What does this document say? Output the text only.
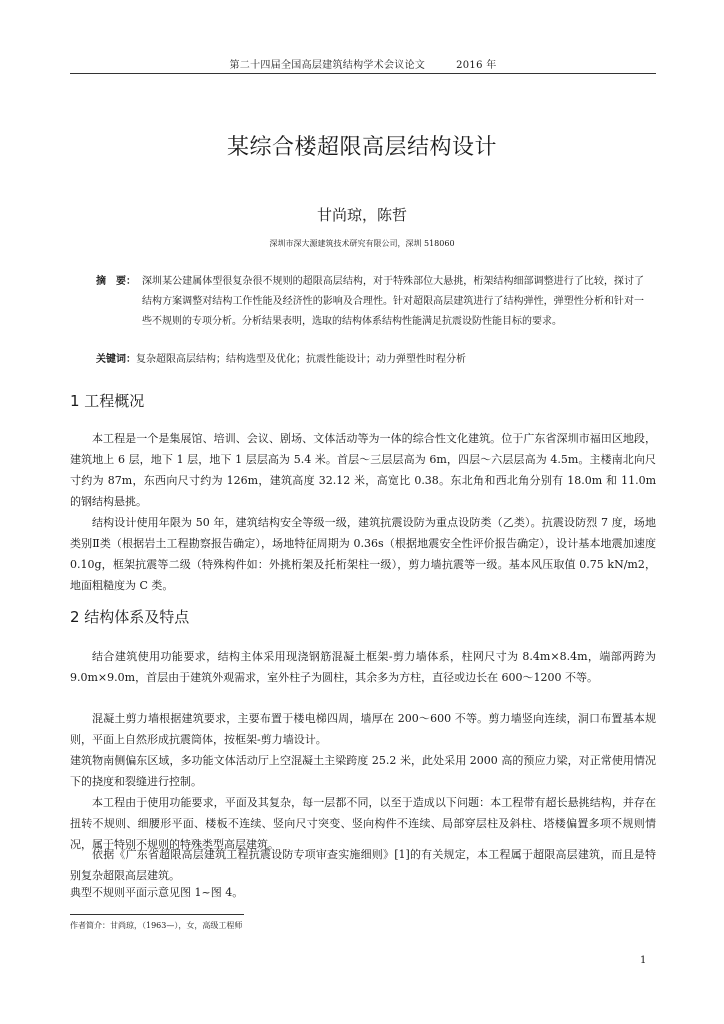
第二十四届全国高层建筑结构学术会议论文　　　2016 年
某综合楼超限高层结构设计
甘尚琼，陈哲
深圳市深大源建筑技术研究有限公司，深圳 518060
摘　要： 深圳某公建属体型很复杂很不规则的超限高层结构，对于特殊部位大悬挑，桁架结构细部调整进行了比较，探讨了结构方案调整对结构工作性能及经济性的影响及合理性。针对超限高层建筑进行了结构弹性，弹塑性分析和针对一些不规则的专项分析。分析结果表明，选取的结构体系结构性能满足抗震设防性能目标的要求。
关键词：复杂超限高层结构；结构选型及优化；抗震性能设计；动力弹塑性时程分析
1 工程概况

本工程是一个是集展馆、培训、会议、剧场、文体活动等为一体的综合性文化建筑。位于广东省深圳市福田区地段，建筑地上 6 层，地下 1 层，地下 1 层层高为 5.4 米。首层～三层层高为 6m，四层～六层层高为 4.5m。主楼南北向尺寸约为 87m，东西向尺寸约为 126m，建筑高度 32.12 米，高宽比 0.38。东北角和西北角分别有 18.0m 和 11.0m 的钢结构悬挑。

结构设计使用年限为 50 年，建筑结构安全等级一级，建筑抗震设防为重点设防类（乙类）。抗震设防烈 7 度，场地类别Ⅱ类（根据岩土工程勘察报告确定），场地特征周期为 0.36s（根据地震安全性评价报告确定），设计基本地震加速度 0.10g，框架抗震等二级（特殊构件如：外挑桁架及托桁架柱一级），剪力墙抗震等一级。基本风压取值 0.75 kN/m2，地面粗糙度为 C 类。

2 结构体系及特点

结合建筑使用功能要求，结构主体采用现浇钢筋混凝土框架-剪力墙体系，柱网尺寸为 8.4m×8.4m，端部两跨为 9.0m×9.0m，首层由于建筑外观需求，室外柱子为圆柱，其余多为方柱，直径或边长在 600～1200 不等。

混凝土剪力墙根据建筑要求，主要布置于楼电梯四周，墙厚在 200～600 不等。剪力墙竖向连续，洞口布置基本规则，平面上自然形成抗震筒体，按框架-剪力墙设计。

建筑物南侧偏东区域，多功能文体活动厅上空混凝土主梁跨度 25.2 米，此处采用 2000 高的预应力梁，对正常使用情况下的挠度和裂缝进行控制。

本工程由于使用功能要求，平面及其复杂，每一层都不同，以至于造成以下问题：本工程带有超长悬挑结构，并存在扭转不规则、细腰形平面、楼板不连续、竖向尺寸突变、竖向构件不连续、局部穿层柱及斜柱、塔楼偏置多项不规则情况，属于特别不规则的特殊类型高层建筑。

依据《广东省超限高层建筑工程抗震设防专项审查实施细则》[1]的有关规定，本工程属于超限高层建筑，而且是特别复杂超限高层建筑。

典型不规则平面示意见图 1~图 4。

作者简介：甘尚琼，（1963—），女，高级工程师
1
